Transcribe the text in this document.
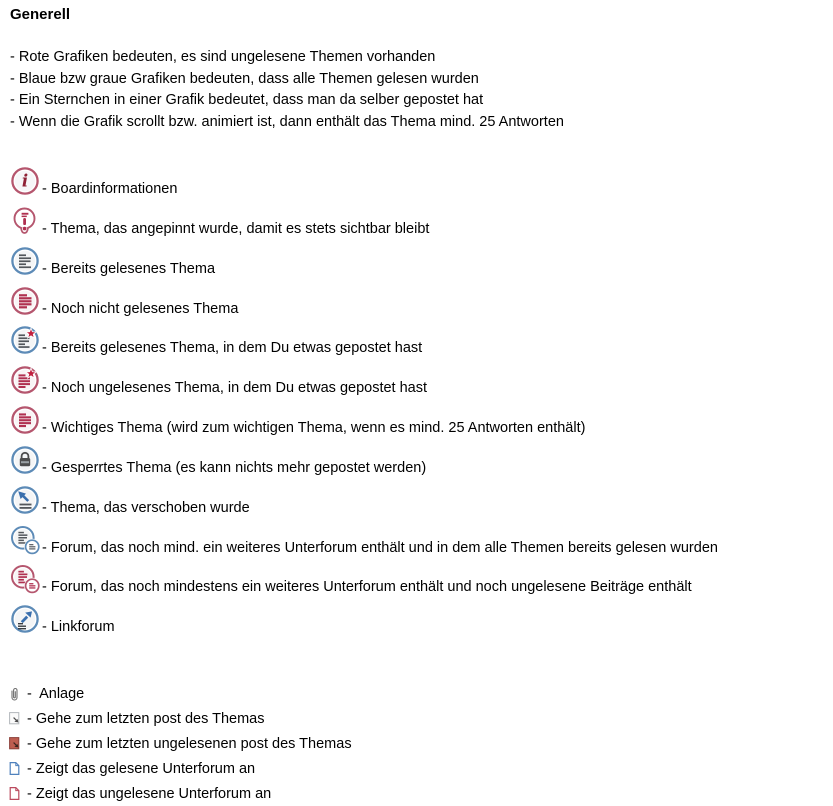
Generell
- Rote Grafiken bedeuten, es sind ungelesene Themen vorhanden
- Blaue bzw graue Grafiken bedeuten, dass alle Themen gelesen wurden
- Ein Sternchen in einer Grafik bedeutet, dass man da selber gepostet hat
- Wenn die Grafik scrollt bzw. animiert ist, dann enthält das Thema mind. 25 Antworten
i - Boardinformationen
- Thema, das angepinnt wurde, damit es stets sichtbar bleibt
- Bereits gelesenes Thema
- Noch nicht gelesenes Thema
- Bereits gelesenes Thema, in dem Du etwas gepostet hast
- Noch ungelesenes Thema, in dem Du etwas gepostet hast
- Wichtiges Thema (wird zum wichtigen Thema, wenn es mind. 25 Antworten enthält)
- Gesperrtes Thema (es kann nichts mehr gepostet werden)
- Thema, das verschoben wurde
- Forum, das noch mind. ein weiteres Unterforum enthält und in dem alle Themen bereits gelesen wurden
- Forum, das noch mindestens ein weiteres Unterforum enthält und noch ungelesene Beiträge enthält
- Linkforum
-  Anlage
- Gehe zum letzten post des Themas
- Gehe zum letzten ungelesenen post des Themas
- Zeigt das gelesene Unterforum an
- Zeigt das ungelesene Unterforum an
